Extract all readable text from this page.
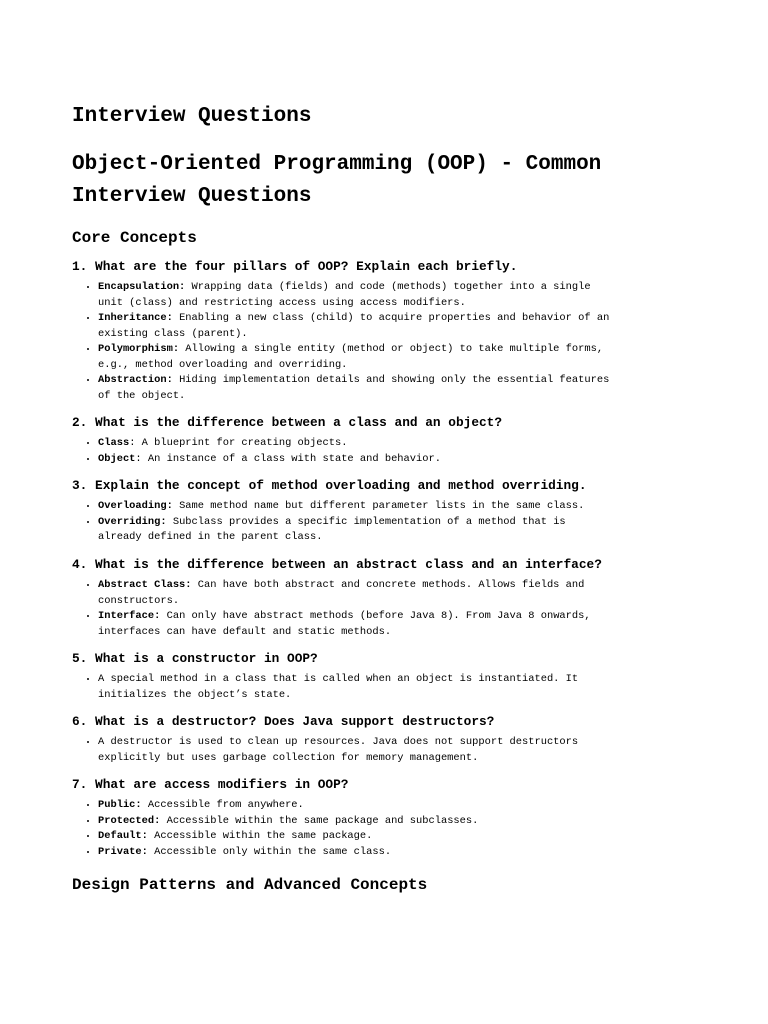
Interview Questions
Object-Oriented Programming (OOP) - Common Interview Questions
Core Concepts
1. What are the four pillars of OOP? Explain each briefly.
• Encapsulation: Wrapping data (fields) and code (methods) together into a single unit (class) and restricting access using access modifiers.
• Inheritance: Enabling a new class (child) to acquire properties and behavior of an existing class (parent).
• Polymorphism: Allowing a single entity (method or object) to take multiple forms, e.g., method overloading and overriding.
• Abstraction: Hiding implementation details and showing only the essential features of the object.
2. What is the difference between a class and an object?
• Class: A blueprint for creating objects.
• Object: An instance of a class with state and behavior.
3. Explain the concept of method overloading and method overriding.
• Overloading: Same method name but different parameter lists in the same class.
• Overriding: Subclass provides a specific implementation of a method that is already defined in the parent class.
4. What is the difference between an abstract class and an interface?
• Abstract Class: Can have both abstract and concrete methods. Allows fields and constructors.
• Interface: Can only have abstract methods (before Java 8). From Java 8 onwards, interfaces can have default and static methods.
5. What is a constructor in OOP?
• A special method in a class that is called when an object is instantiated. It initializes the object’s state.
6. What is a destructor? Does Java support destructors?
• A destructor is used to clean up resources. Java does not support destructors explicitly but uses garbage collection for memory management.
7. What are access modifiers in OOP?
• Public: Accessible from anywhere.
• Protected: Accessible within the same package and subclasses.
• Default: Accessible within the same package.
• Private: Accessible only within the same class.
Design Patterns and Advanced Concepts
